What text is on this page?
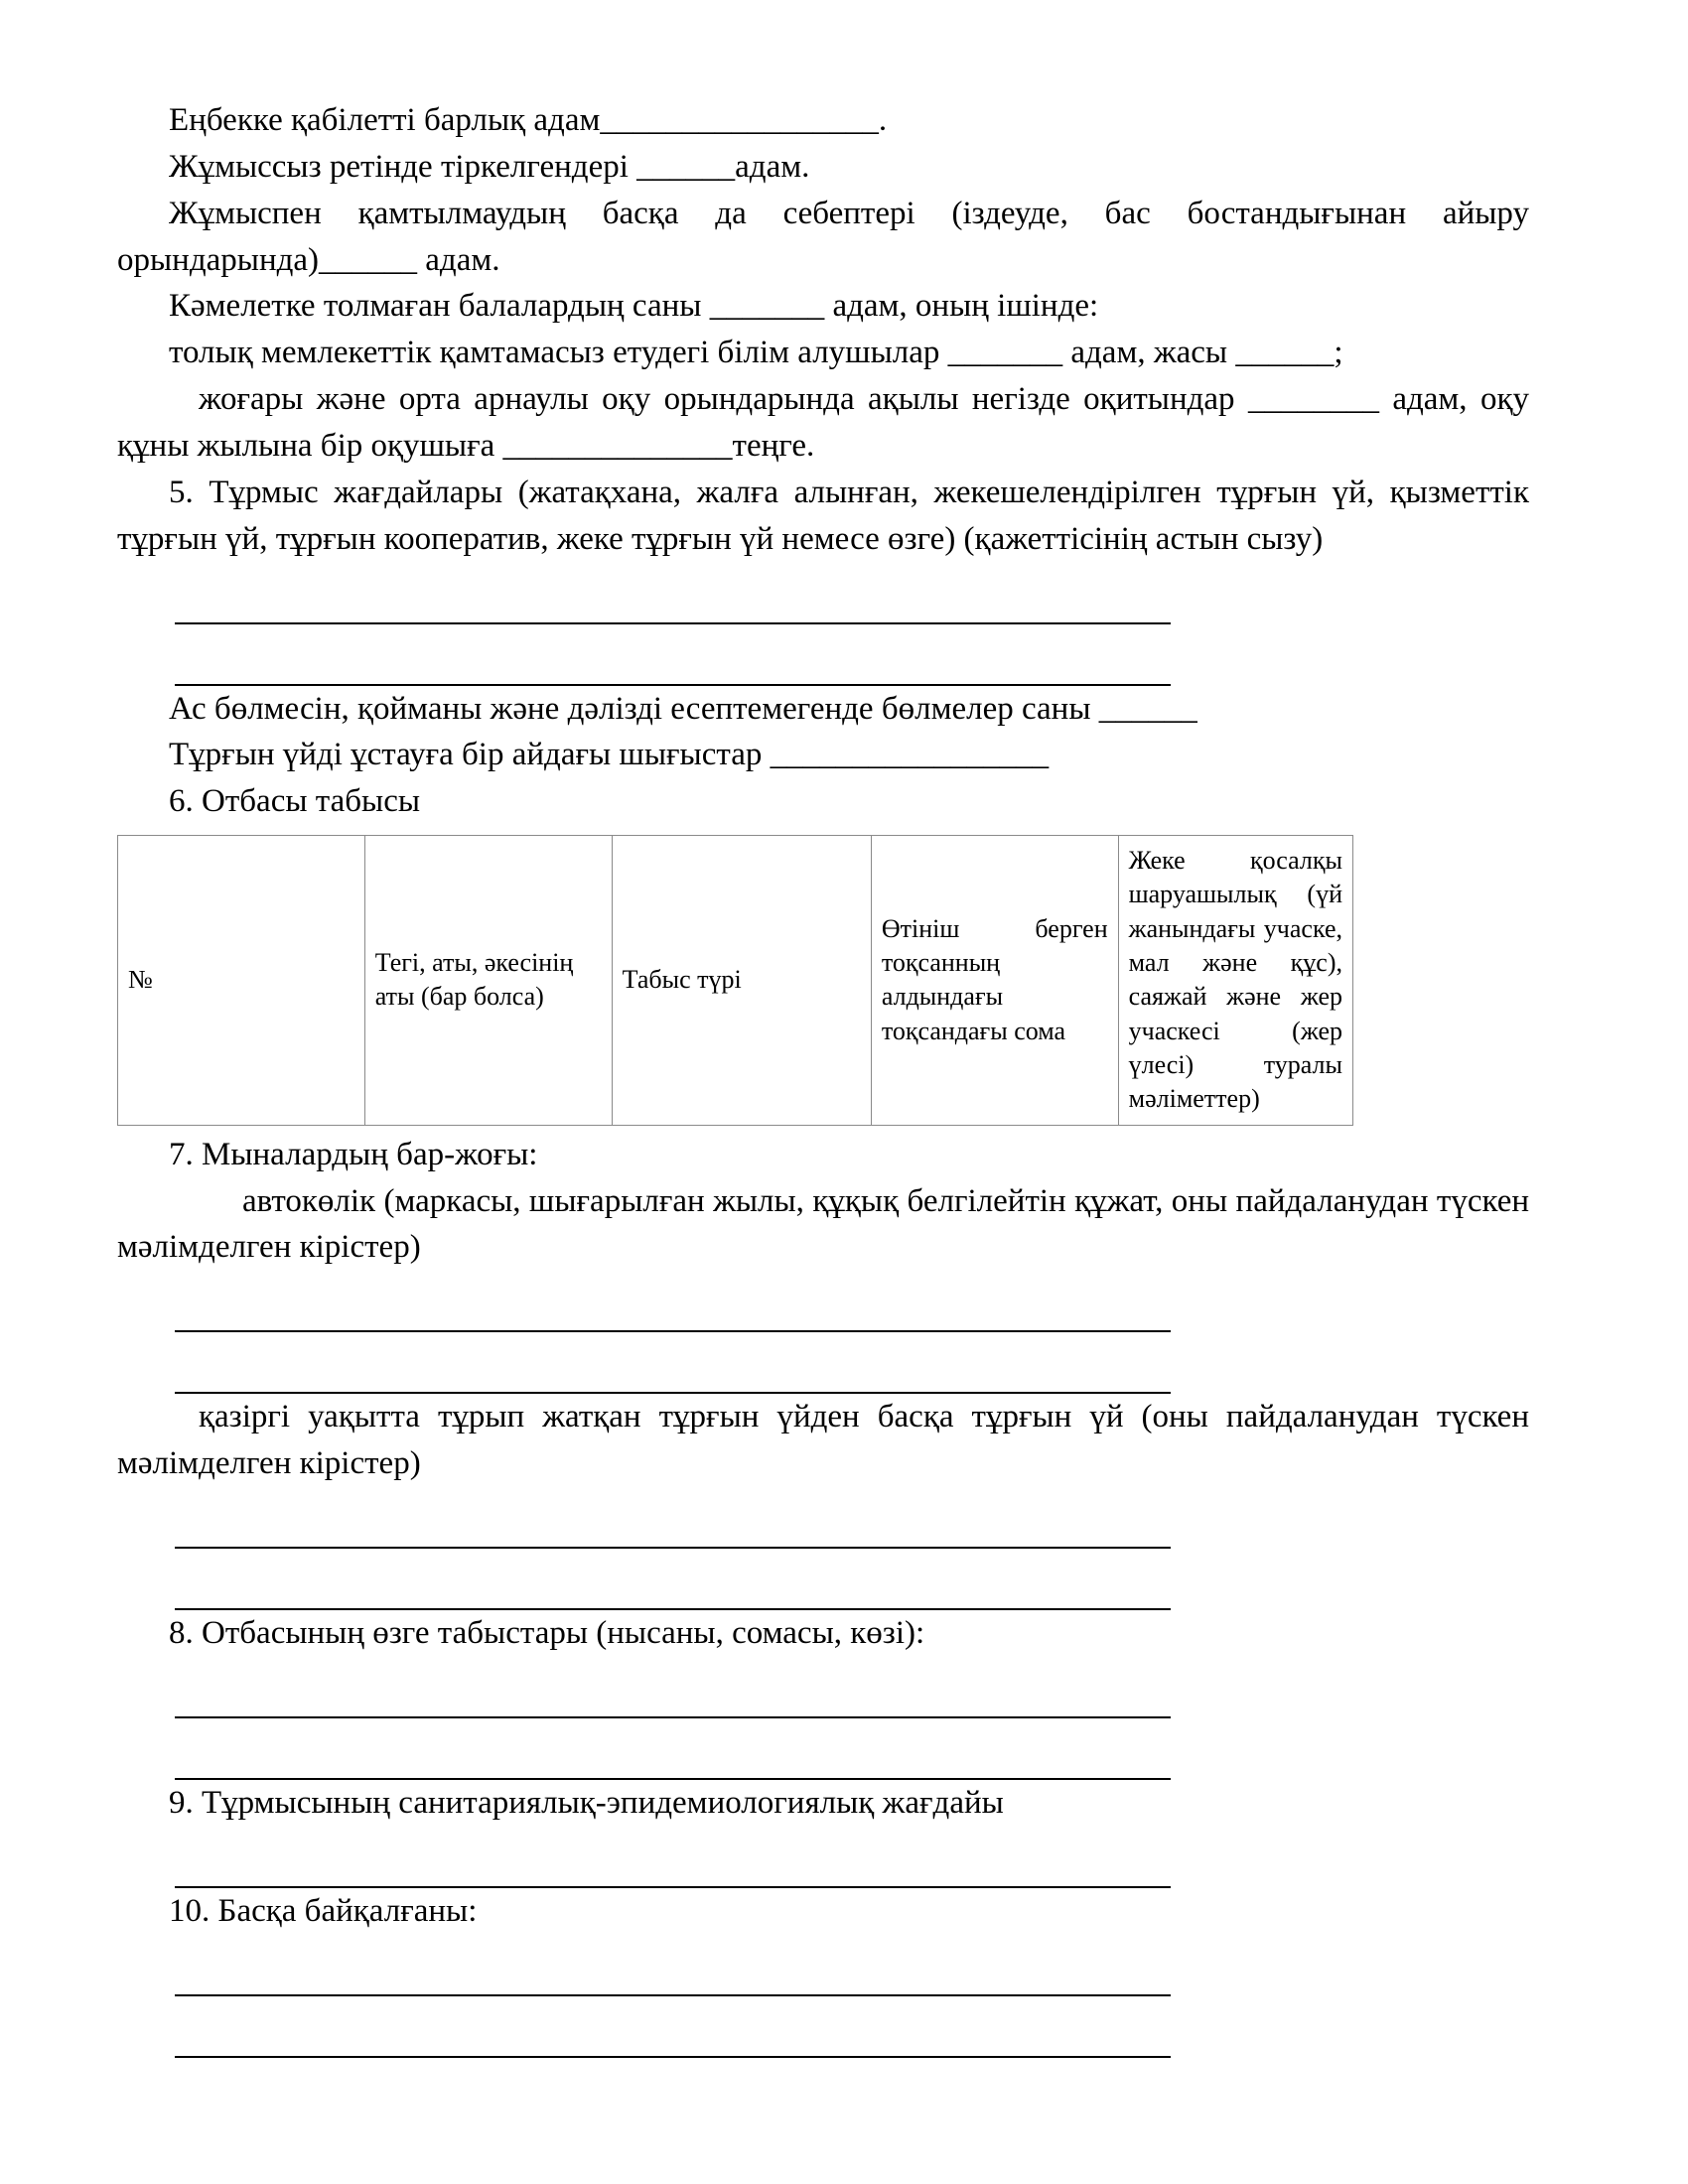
Еңбекке қабілетті барлық адам_________________.

Жұмыссыз ретінде тіркелгендері ______адам.

Жұмыспен қамтылмаудың басқа да себептері (іздеуде, бас бостандығынан айыру орындарында)______ адам.

Кәмелетке толмаған балалардың саны _______ адам, оның ішінде:

толық мемлекеттік қамтамасыз етудегі білім алушылар _______ адам, жасы ______;

жоғары және орта арнаулы оқу орындарында ақылы негізде оқитындар ________ адам, оқу құны жылына бір оқушыға ______________теңге.

5. Тұрмыс жағдайлары (жатақхана, жалға алынған, жекешелендірілген тұрғын үй, қызметтік тұрғын үй, тұрғын кооператив, жеке тұрғын үй немесе өзге) (қажеттісінің астын сызу)

Ас бөлмесін, қойманы және дәлізді есептемегенде бөлмелер саны ______

Тұрғын үйді ұстауға бір айдағы шығыстар _________________

6. Отбасы табысы

№	Тегі, аты, әкесінің аты (бар болса)	Табыс түрі	Өтініш берген тоқсанның алдындағы тоқсандағы сома	Жеке қосалқы шаруашылық (үй жанындағы учаске, мал және құс), саяжай және жер учаскесі (жер үлесі) туралы мәліметтер)

7. Мыналардың бар-жоғы:

автокөлік (маркасы, шығарылған жылы, құқық белгілейтін құжат, оны пайдаланудан түскен мәлімделген кірістер)

қазіргі уақытта тұрып жатқан тұрғын үйден басқа тұрғын үй (оны пайдаланудан түскен мәлімделген кірістер)

8. Отбасының өзге табыстары (нысаны, сомасы, көзі):

9. Тұрмысының санитариялық-эпидемиологиялық жағдайы

10. Басқа байқалғаны:
